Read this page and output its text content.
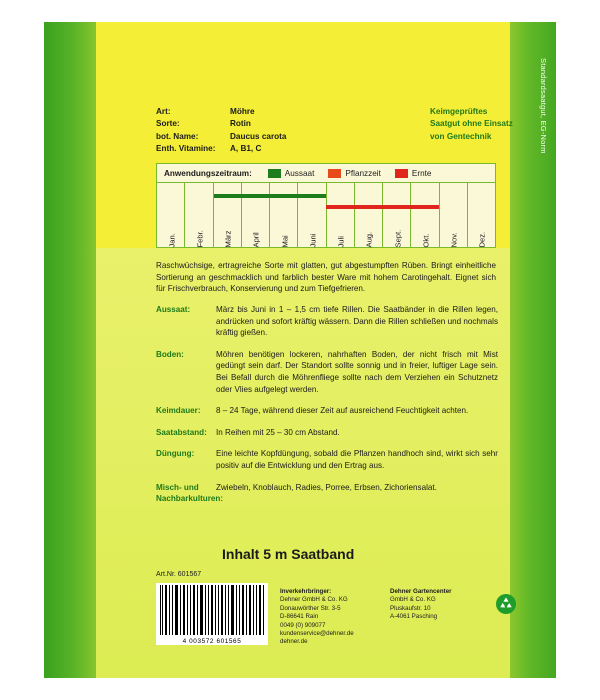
Standardsaatgut, EG-Norm
Art:	Möhre
Sorte:	Rotin
bot. Name:	Daucus carota
Enth. Vitamine:	A, B1, C
Keimgeprüftes
Saatgut ohne Einsatz
von Gentechnik
Anwendungszeitraum:	Aussaat	Pflanzzeit	Ernte
Jan.	Febr.	März	April	Mai	Juni	Juli	Aug.	Sept.	Okt.	Nov.	Dez.
Raschwüchsige, ertragreiche Sorte mit glatten, gut abgestumpften Rüben. Bringt einheitliche Sortierung an geschmacklich und farblich bester Ware mit hohem Carotingehalt. Eignet sich für Frischverbrauch, Konservierung und zum Tiefgefrieren.
Aussaat:	März bis Juni in 1 – 1,5 cm tiefe Rillen. Die Saatbänder in die Rillen legen, andrücken und sofort kräftig wässern. Dann die Rillen schließen und nochmals kräftig gießen.
Boden:	Möhren benötigen lockeren, nahrhaften Boden, der nicht frisch mit Mist gedüngt sein darf. Der Standort sollte sonnig und in freier, luftiger Lage sein. Bei Befall durch die Möhrenfliege sollte nach dem Verziehen ein Schutznetz oder Vlies aufgelegt werden.
Keimdauer:	8 – 24 Tage, während dieser Zeit auf ausreichend Feuchtigkeit achten.
Saatabstand:	In Reihen mit 25 – 30 cm Abstand.
Düngung:	Eine leichte Kopfdüngung, sobald die Pflanzen handhoch sind, wirkt sich sehr positiv auf die Entwicklung und den Ertrag aus.
Misch- und Nachbarkulturen:
Zwiebeln, Knoblauch, Radies, Porree, Erbsen, Zichoriensalat.
Inhalt 5 m Saatband
Art.Nr. 601567
4 003572 601565
Inverkehrbringer:
Dehner GmbH & Co. KG
Donauwörther Str. 3-5
D-86641 Rain
0049 (0) 909077
kundenservice@dehner.de
dehner.de
Dehner Gartencenter
GmbH & Co. KG
Pluskaufstr. 10
A-4061 Pasching
